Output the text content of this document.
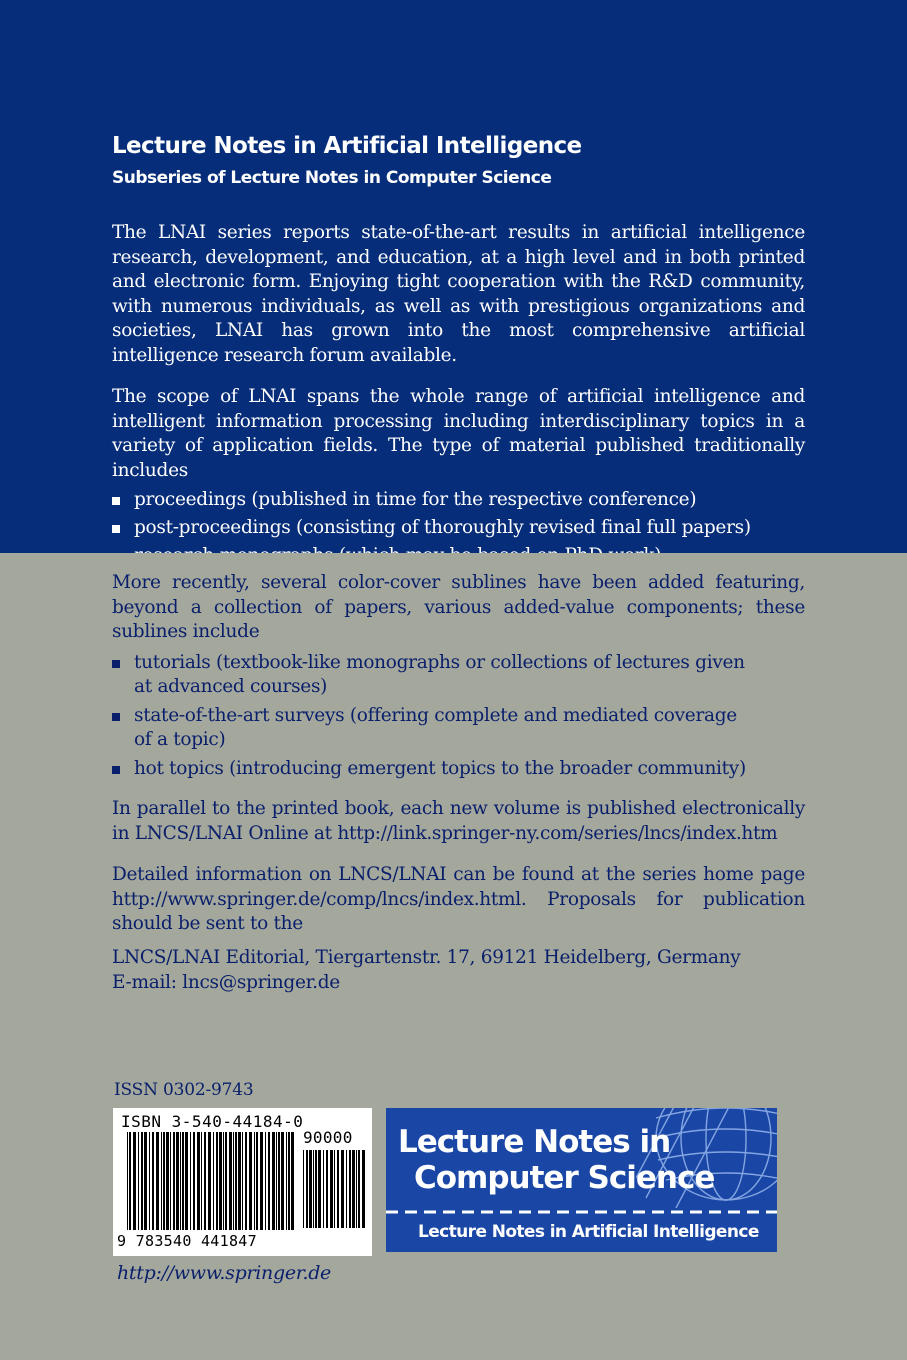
Lecture Notes in Artificial Intelligence
Subseries of Lecture Notes in Computer Science

The LNAI series reports state-of-the-art results in artificial intelligence research, development, and education, at a high level and in both printed and electronic form. Enjoying tight cooperation with the R&D community, with numerous individuals, as well as with prestigious organizations and societies, LNAI has grown into the most comprehensive artificial intelligence research forum available.

The scope of LNAI spans the whole range of artificial intelligence and intelligent information processing including interdisciplinary topics in a variety of application fields. The type of material published traditionally includes

proceedings (published in time for the respective conference)
post-proceedings (consisting of thoroughly revised final full papers)

More recently, several color-cover sublines have been added featuring, beyond a collection of papers, various added-value components; these sublines include

tutorials (textbook-like monographs or collections of lectures given
at advanced courses)
state-of-the-art surveys (offering complete and mediated coverage
of a topic)
hot topics (introducing emergent topics to the broader community)

In parallel to the printed book, each new volume is published electronically in LNCS/LNAI Online at http://link.springer-ny.com/series/lncs/index.htm

Detailed information on LNCS/LNAI can be found at the series home page http://www.springer.de/comp/lncs/index.html. Proposals for publication should be sent to the

LNCS/LNAI Editorial, Tiergartenstr. 17, 69121 Heidelberg, Germany

E-mail: lncs@springer.de

ISSN 0302-9743

ISBN 3-540-44184-0
90000
9 783540 441847

http://www.springer.de

Lecture Notes in
Computer Science
Lecture Notes in Artificial Intelligence
